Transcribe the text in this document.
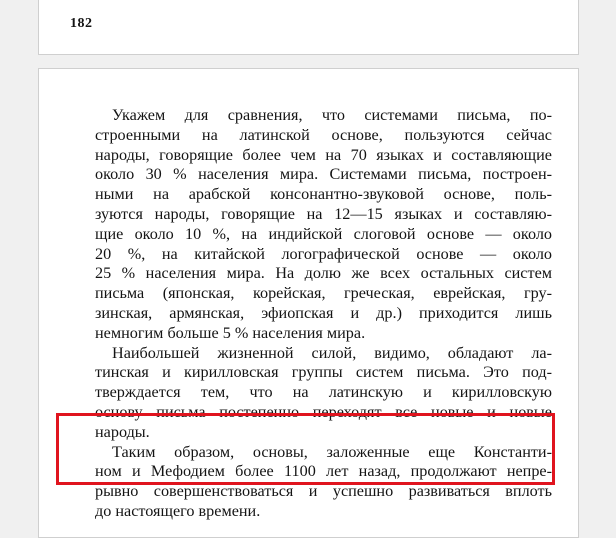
182
Укажем для сравнения, что системами письма, по-
строенными на латинской основе, пользуются сейчас
народы, говорящие более чем на 70 языках и составляющие
около 30 % населения мира. Системами письма, построен-
ными на арабской консонантно-звуковой основе, поль-
зуются народы, говорящие на 12—15 языках и составляю-
щие около 10 %, на индийской слоговой основе — около
20 %, на китайской логографической основе — около
25 % населения мира. На долю же всех остальных систем
письма (японская, корейская, греческая, еврейская, гру-
зинская, армянская, эфиопская и др.) приходится лишь
немногим больше 5 % населения мира.
Наибольшей жизненной силой, видимо, обладают ла-
тинская и кирилловская группы систем письма. Это под-
тверждается тем, что на латинскую и кирилловскую
основу письма постепенно переходят все новые и новые
народы.
Таким образом, основы, заложенные еще Константи-
ном и Мефодием более 1100 лет назад, продолжают непре-
рывно совершенствоваться и успешно развиваться вплоть
до настоящего времени.
